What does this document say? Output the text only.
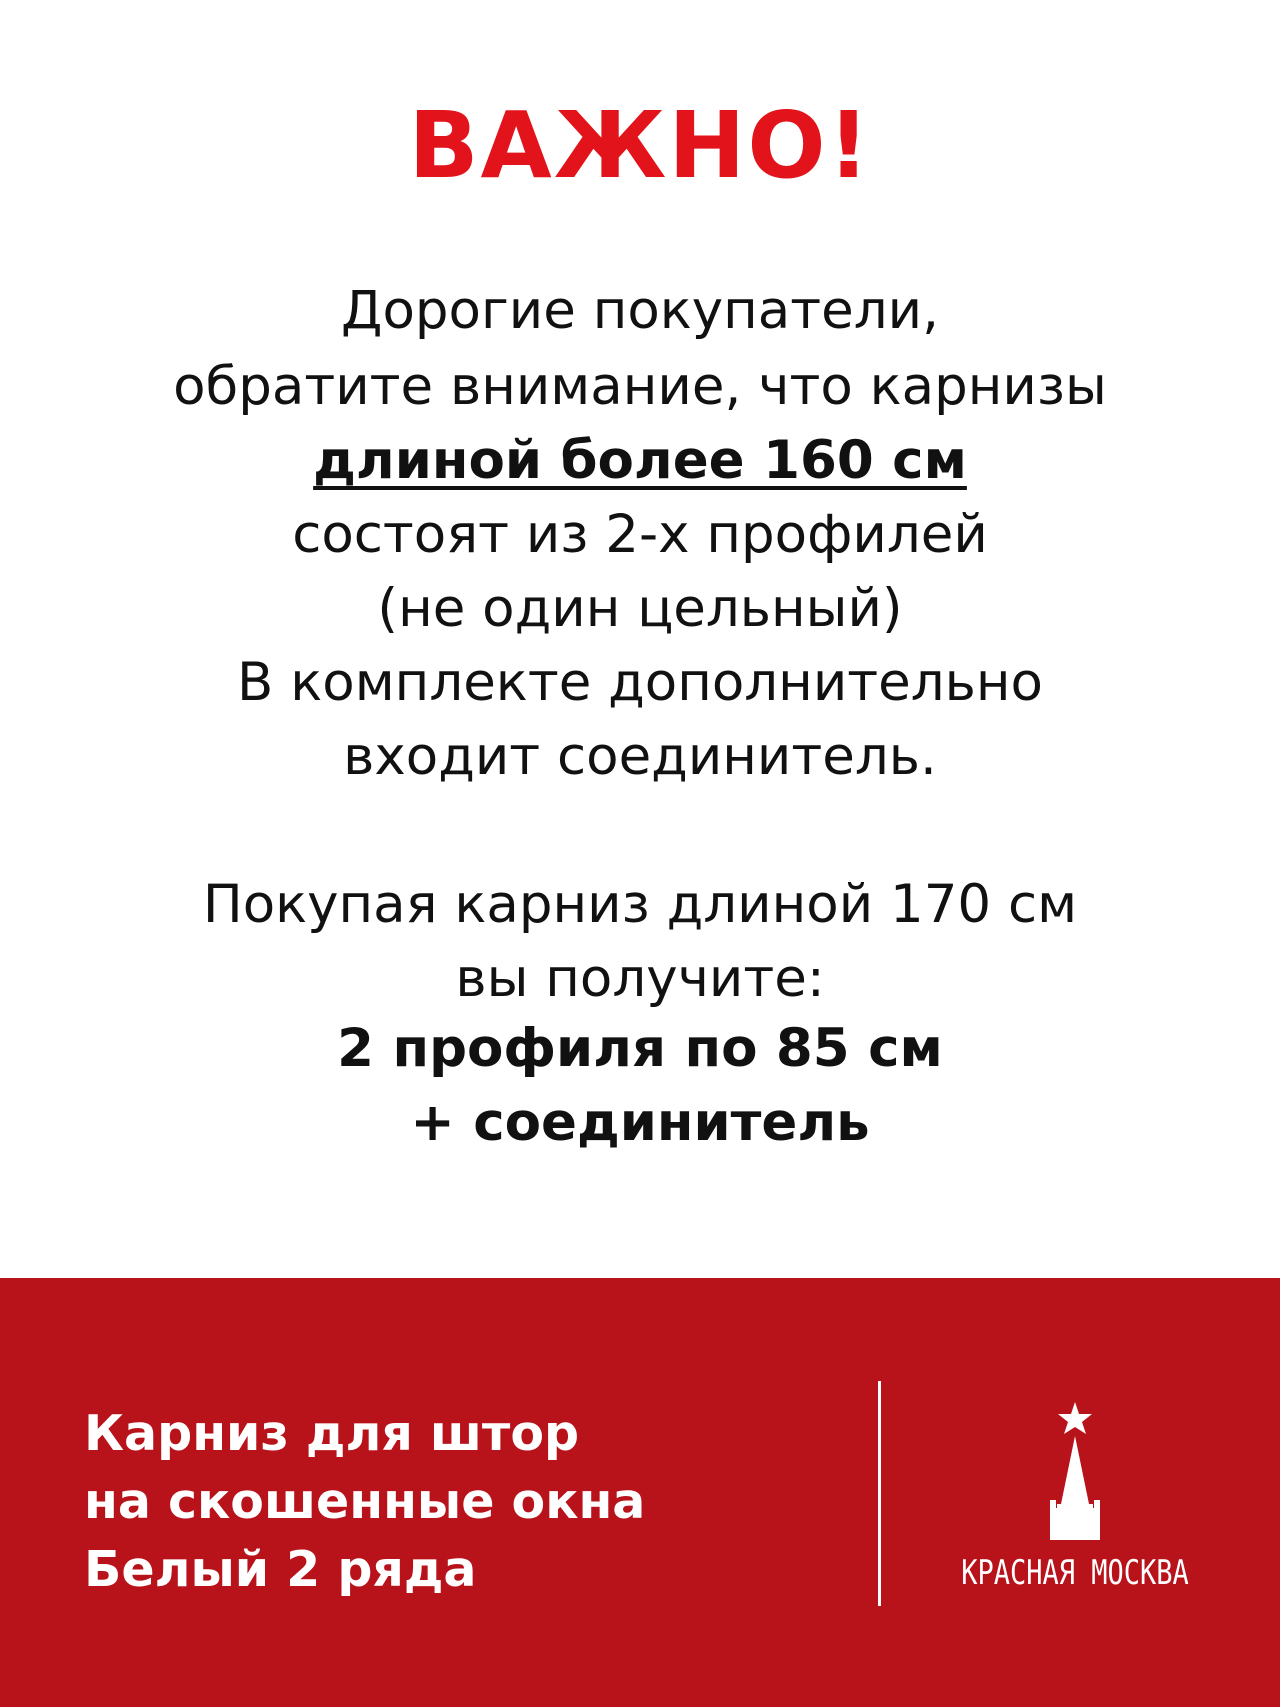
ВАЖНО!
Дорогие покупатели,
обратите внимание, что карнизы
длиной более 160 см
состоят из 2-х профилей
(не один цельный)
В комплекте дополнительно
входит соединитель.
Покупая карниз длиной 170 см
вы получите:
2 профиля по 85 см
+ соединитель
Карниз для штор
на скошенные окна
Белый 2 ряда	КРАСНАЯ МОСКВА
